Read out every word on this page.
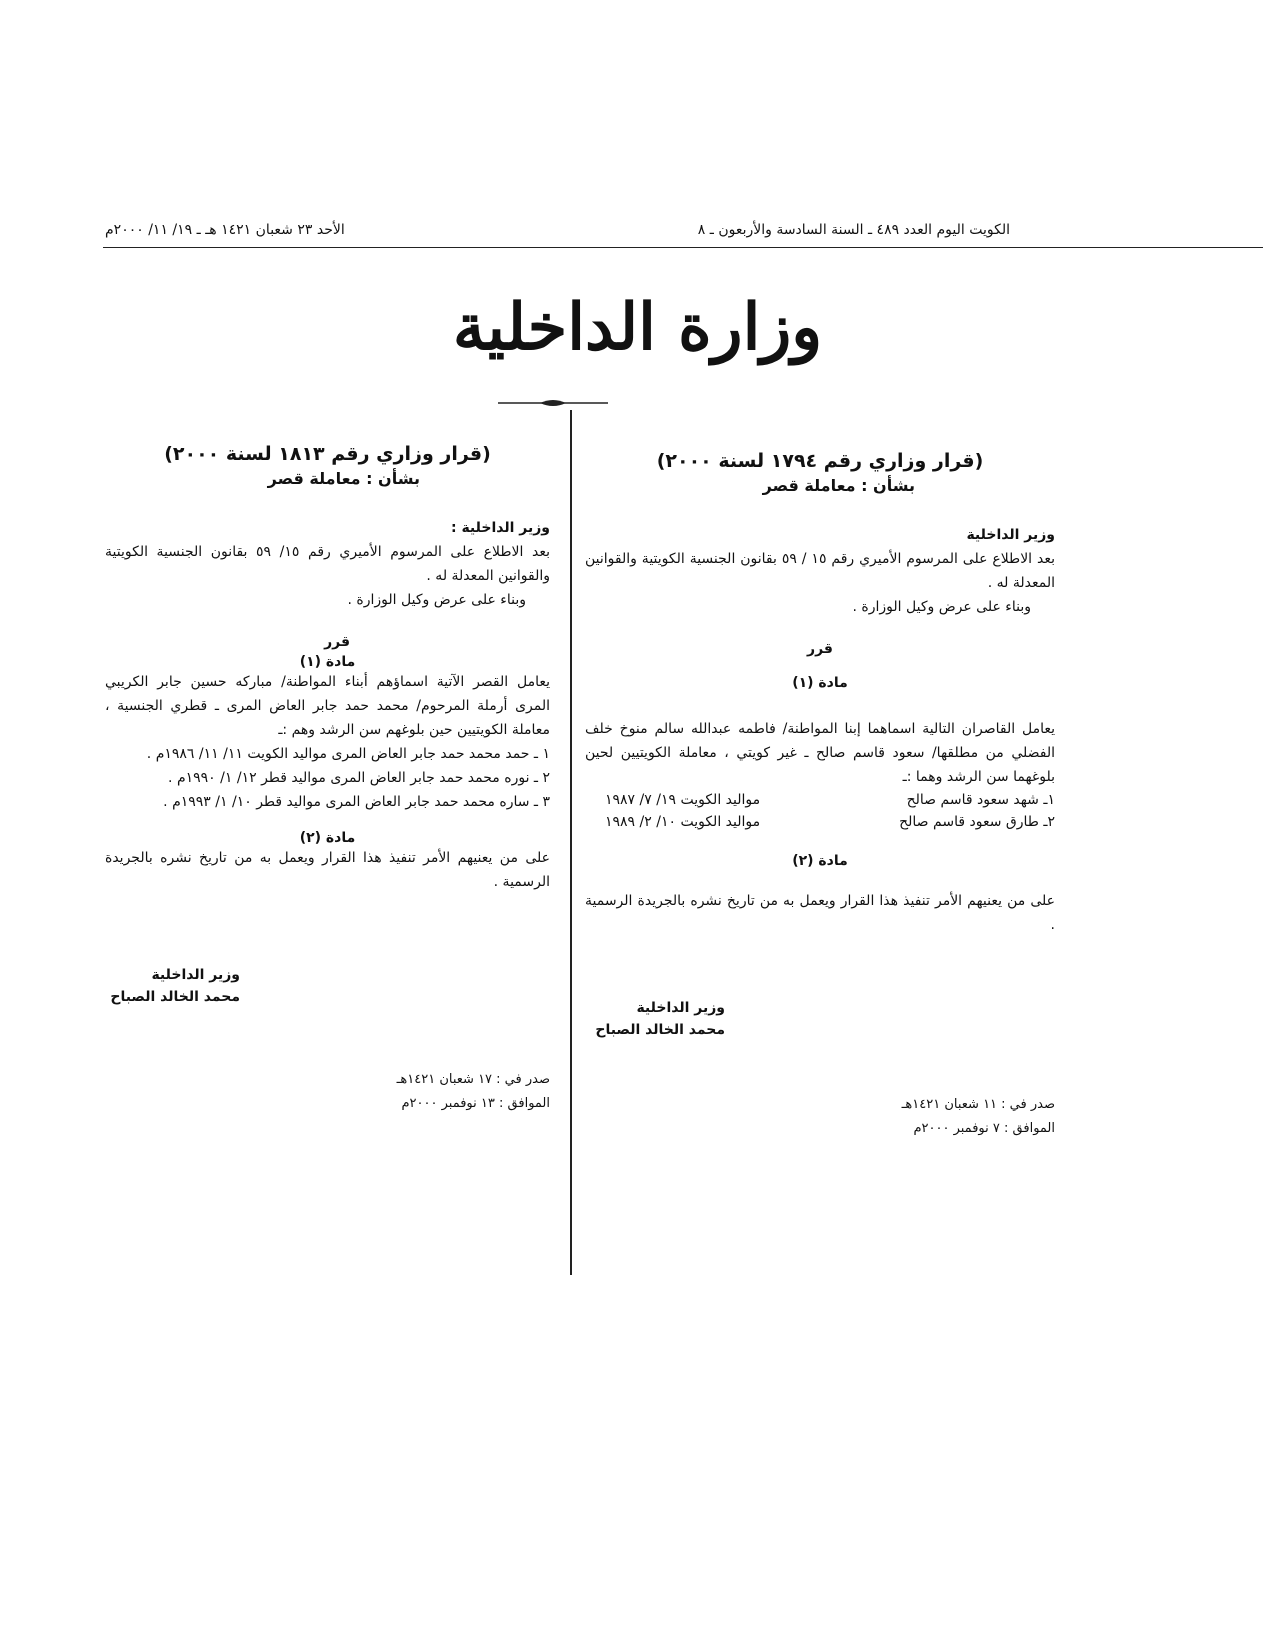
الكويت اليوم العدد ٤٨٩ ـ السنة السادسة والأربعون ـ ٨
الأحد ٢٣ شعبان ١٤٢١ هـ ـ ١٩/ ١١/ ٢٠٠٠م
وزارة الداخلية

(قرار وزاري رقم ١٧٩٤ لسنة ٢٠٠٠)

بشأن : معاملة قصر

وزير الداخلية

بعد الاطلاع على المرسوم الأميري رقم ١٥ / ٥٩ بقانون الجنسية الكويتية والقوانين المعدلة له .

وبناء على عرض وكيل الوزارة .

قرر

مادة (١)

يعامل القاصران التالية اسماهما إبنا المواطنة/ فاطمه عبدالله سالم منوخ خلف الفضلي من مطلقها/ سعود قاسم صالح ـ غير كويتي ، معاملة الكويتيين لحين بلوغهما سن الرشد وهما :ـ

١ـ شهد سعود قاسم صالح
مواليد الكويت ١٩/ ٧/ ١٩٨٧
٢ـ طارق سعود قاسم صالح
مواليد الكويت ١٠/ ٢/ ١٩٨٩

مادة (٢)

على من يعنيهم الأمر تنفيذ هذا القرار ويعمل به من تاريخ نشره بالجريدة الرسمية .

وزير الداخلية
محمد الخالد الصباح
صدر في : ١١ شعبان ١٤٢١هـ
الموافق : ٧ نوفمبر ٢٠٠٠م

(قرار وزاري رقم ١٨١٣ لسنة ٢٠٠٠)

بشأن : معاملة قصر

وزير الداخلية :

بعد الاطلاع على المرسوم الأميري رقم ١٥/ ٥٩ بقانون الجنسية الكويتية والقوانين المعدلة له .

وبناء على عرض وكيل الوزارة .

قرر

مادة (١)

يعامل القصر الآتية اسماؤهم أبناء المواطنة/ مباركه حسين جابر الكريبي المرى أرملة المرحوم/ محمد حمد جابر العاض المرى ـ قطري الجنسية ، معاملة الكويتيين حين بلوغهم سن الرشد وهم :ـ

١ ـ حمد محمد حمد جابر العاض المرى مواليد الكويت ١١/ ١١/ ١٩٨٦م .

٢ ـ نوره محمد حمد جابر العاض المرى مواليد قطر ١٢/ ١/ ١٩٩٠م .

٣ ـ ساره محمد حمد جابر العاض المرى مواليد قطر ١٠/ ١/ ١٩٩٣م .

مادة (٢)

على من يعنيهم الأمر تنفيذ هذا القرار ويعمل به من تاريخ نشره بالجريدة الرسمية .

وزير الداخلية
محمد الخالد الصباح
صدر في : ١٧ شعبان ١٤٢١هـ
الموافق : ١٣ نوفمبر ٢٠٠٠م
